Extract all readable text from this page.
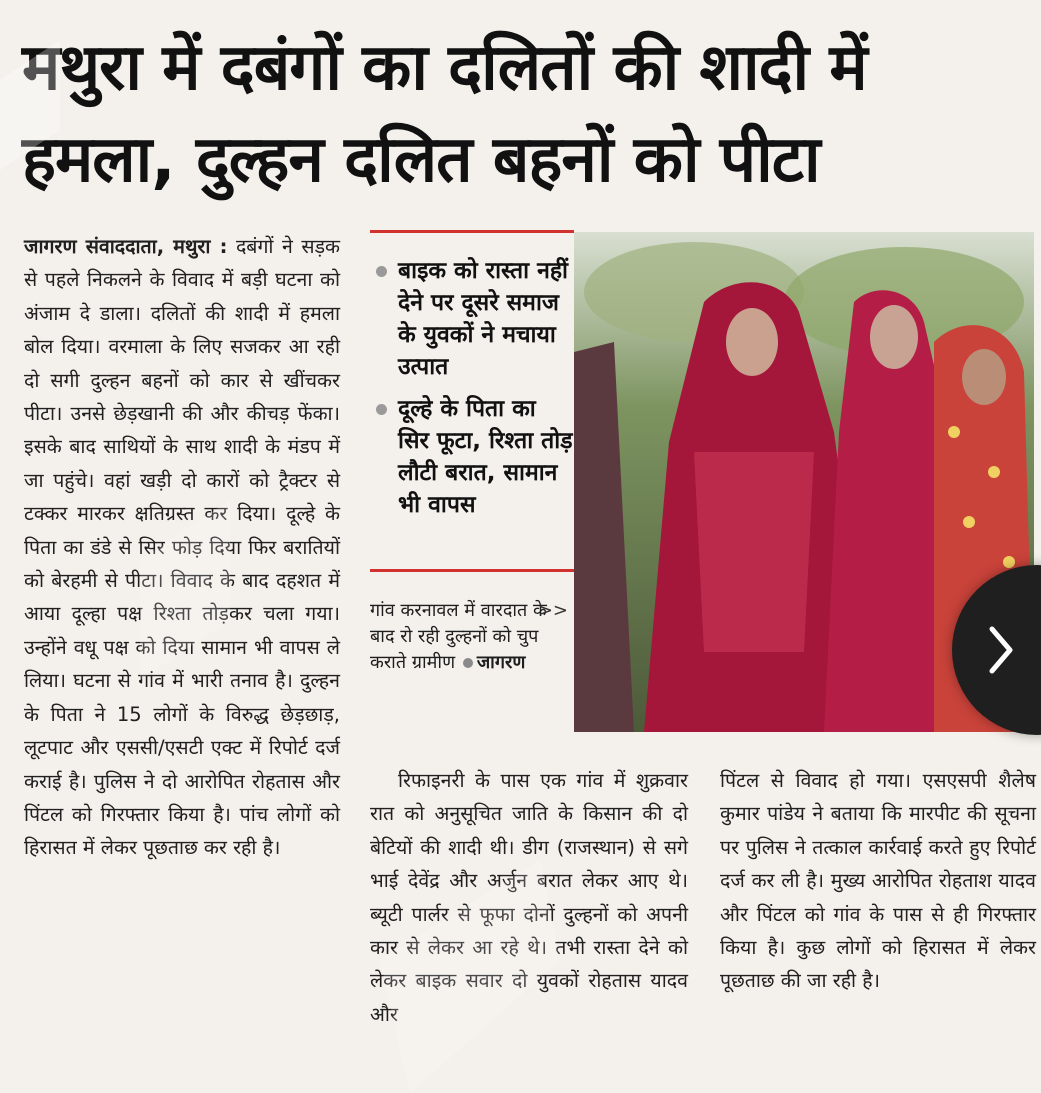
मथुरा में दबंगों का दलितों की शादी में
हमला, दुल्हन दलित बहनों को पीटा
जागरण संवाददाता, मथुरा : दबंगों ने सड़क से पहले निकलने के विवाद में बड़ी घटना को अंजाम दे डाला। दलितों की शादी में हमला बोल दिया। वरमाला के लिए सजकर आ रही दो सगी दुल्हन बहनों को कार से खींचकर पीटा। उनसे छेड़खानी की और कीचड़ फेंका। इसके बाद साथियों के साथ शादी के मंडप में जा पहुंचे। वहां खड़ी दो कारों को ट्रैक्टर से टक्कर मारकर क्षतिग्रस्त कर दिया। दूल्हे के पिता का डंडे से सिर फोड़ दिया फिर बरातियों को बेरहमी से पीटा। विवाद के बाद दहशत में आया दूल्हा पक्ष रिश्ता तोड़कर चला गया। उन्होंने वधू पक्ष को दिया सामान भी वापस ले लिया। घटना से गांव में भारी तनाव है। दुल्हन के पिता ने 15 लोगों के विरुद्ध छेड़छाड़, लूटपाट और एससी/एसटी एक्ट में रिपोर्ट दर्ज कराई है। पुलिस ने दो आरोपित रोहतास और पिंटल को गिरफ्तार किया है। पांच लोगों को हिरासत में लेकर पूछताछ कर रही है।
बाइक को रास्ता नहीं देने पर दूसरे समाज के युवकों ने मचाया उत्पात
दूल्हे के पिता का सिर फूटा, रिश्ता तोड़ लौटी बरात, सामान भी वापस
>>
गांव करनावल में वारदात के बाद रो रही दुल्हनों को चुप कराते ग्रामीण जागरण
रिफाइनरी के पास एक गांव में शुक्रवार रात को अनुसूचित जाति के किसान की दो बेटियों की शादी थी। डीग (राजस्थान) से सगे भाई देवेंद्र और अर्जुन बरात लेकर आए थे। ब्यूटी पार्लर से फूफा दोनों दुल्हनों को अपनी कार से लेकर आ रहे थे। तभी रास्ता देने को लेकर बाइक सवार दो युवकों रोहतास यादव और
पिंटल से विवाद हो गया। एसएसपी शैलेष कुमार पांडेय ने बताया कि मारपीट की सूचना पर पुलिस ने तत्काल कार्रवाई करते हुए रिपोर्ट दर्ज कर ली है। मुख्य आरोपित रोहताश यादव और पिंटल को गांव के पास से ही गिरफ्तार किया है। कुछ लोगों को हिरासत में लेकर पूछताछ की जा रही है।
